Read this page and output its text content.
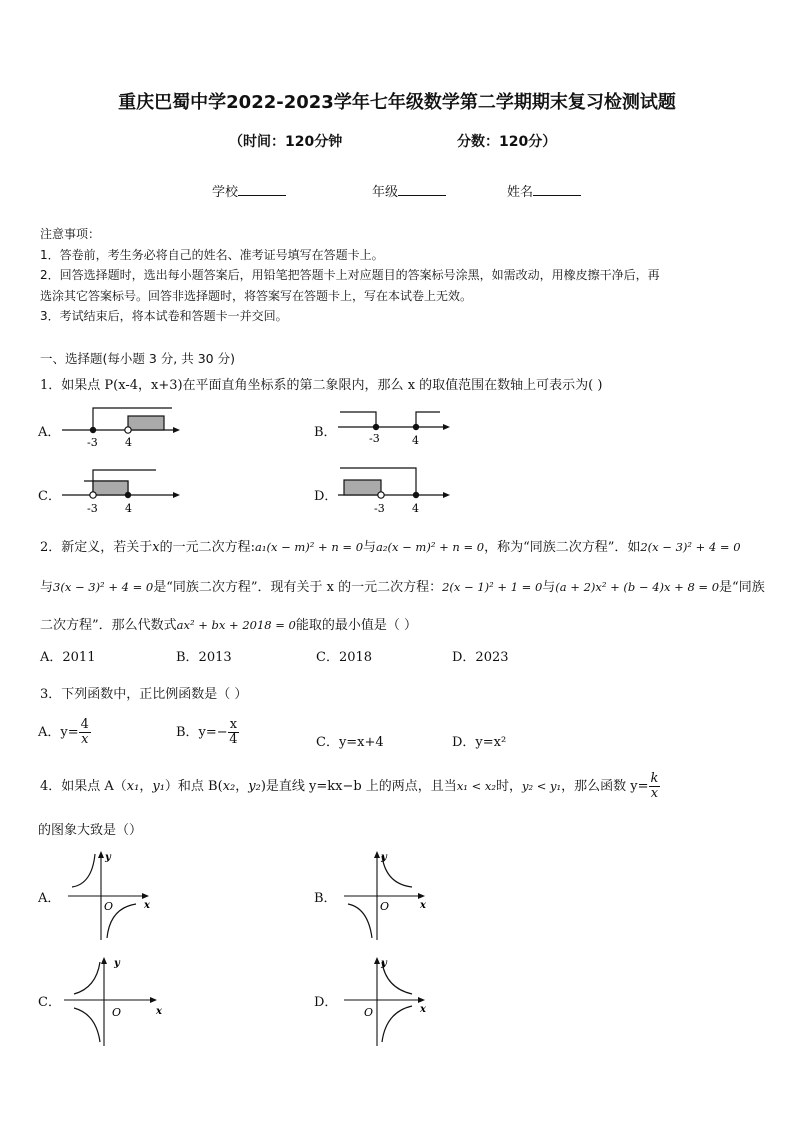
重庆巴蜀中学2022-2023学年七年级数学第二学期期末复习检测试题
（时间：120分钟	分数：120分）
学校	年级	姓名
注意事项：
1．答卷前，考生务必将自己的姓名、准考证号填写在答题卡上。
2．回答选择题时，选出每小题答案后，用铅笔把答题卡上对应题目的答案标号涂黑，如需改动，用橡皮擦干净后，再
选涂其它答案标号。回答非选择题时，将答案写在答题卡上，写在本试卷上无效。
3．考试结束后，将本试卷和答题卡一并交回。
一、选择题(每小题 3 分, 共 30 分)
1．如果点 P(x-4，x+3)在平面直角坐标系的第二象限内，那么 x 的取值范围在数轴上可表示为( )
A．
-3 4
B．	-3	4
C．
-3 4
D．
-3 4
2．新定义，若关于x的一元二次方程:a₁(x − m)² + n = 0与a₂(x − m)² + n = 0，称为“同族二次方程”．如2(x − 3)² + 4 = 0
与3(x − 3)² + 4 = 0是“同族二次方程”．现有关于 x 的一元二次方程：2(x − 1)² + 1 = 0与(a + 2)x² + (b − 4)x + 8 = 0是“同族
二次方程”．那么代数式ax² + bx + 2018 = 0能取的最小值是（ ）
A．2011	B．2013	C．2018	D．2023
3．下列函数中，正比例函数是（ ）
A．$y= \frac{4}{x}$	B．$y=- \frac{x}{4}$	C．y=x+4	D．y=x²
4．如果点 A（x₁，y₁）和点 B(x₂，y₂)是直线 y=kx−b 上的两点，且当x₁ < x₂时，y₂ < y₁，那么函数 $y= \frac{k}{x}$
的图象大致是（）
A．
y
x
O
B．
y
x
O
C．
y
x
O
D．
y
x
O
